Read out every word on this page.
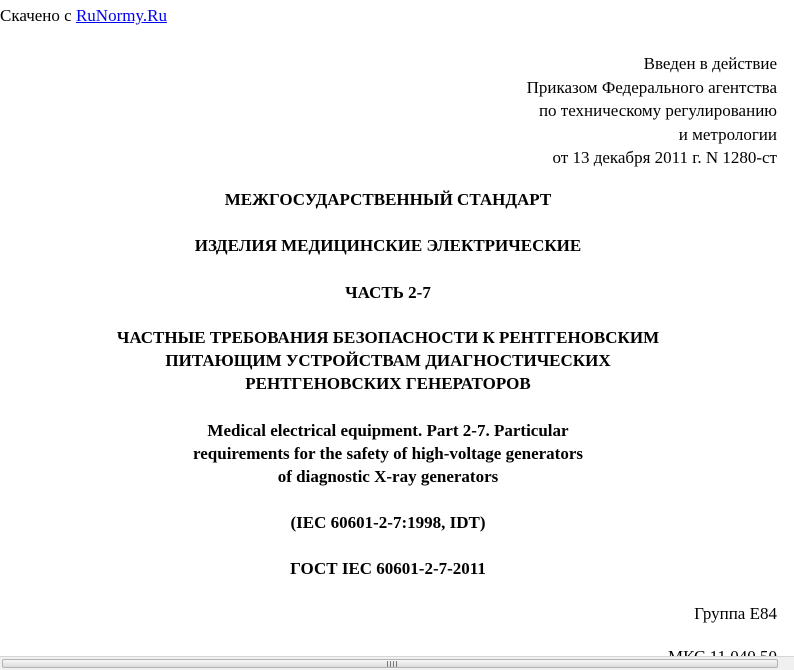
Скачено с RuNormy.Ru
Введен в действие
Приказом Федерального агентства
по техническому регулированию
и метрологии
от 13 декабря 2011 г. N 1280-ст
МЕЖГОСУДАРСТВЕННЫЙ СТАНДАРТ
ИЗДЕЛИЯ МЕДИЦИНСКИЕ ЭЛЕКТРИЧЕСКИЕ
ЧАСТЬ 2-7
ЧАСТНЫЕ ТРЕБОВАНИЯ БЕЗОПАСНОСТИ К РЕНТГЕНОВСКИМ
ПИТАЮЩИМ УСТРОЙСТВАМ ДИАГНОСТИЧЕСКИХ
РЕНТГЕНОВСКИХ ГЕНЕРАТОРОВ
Medical electrical equipment. Part 2-7. Particular
requirements for the safety of high-voltage generators
of diagnostic X-ray generators
(IEC 60601-2-7:1998, IDT)
ГОСТ IEC 60601-2-7-2011
Группа Е84
